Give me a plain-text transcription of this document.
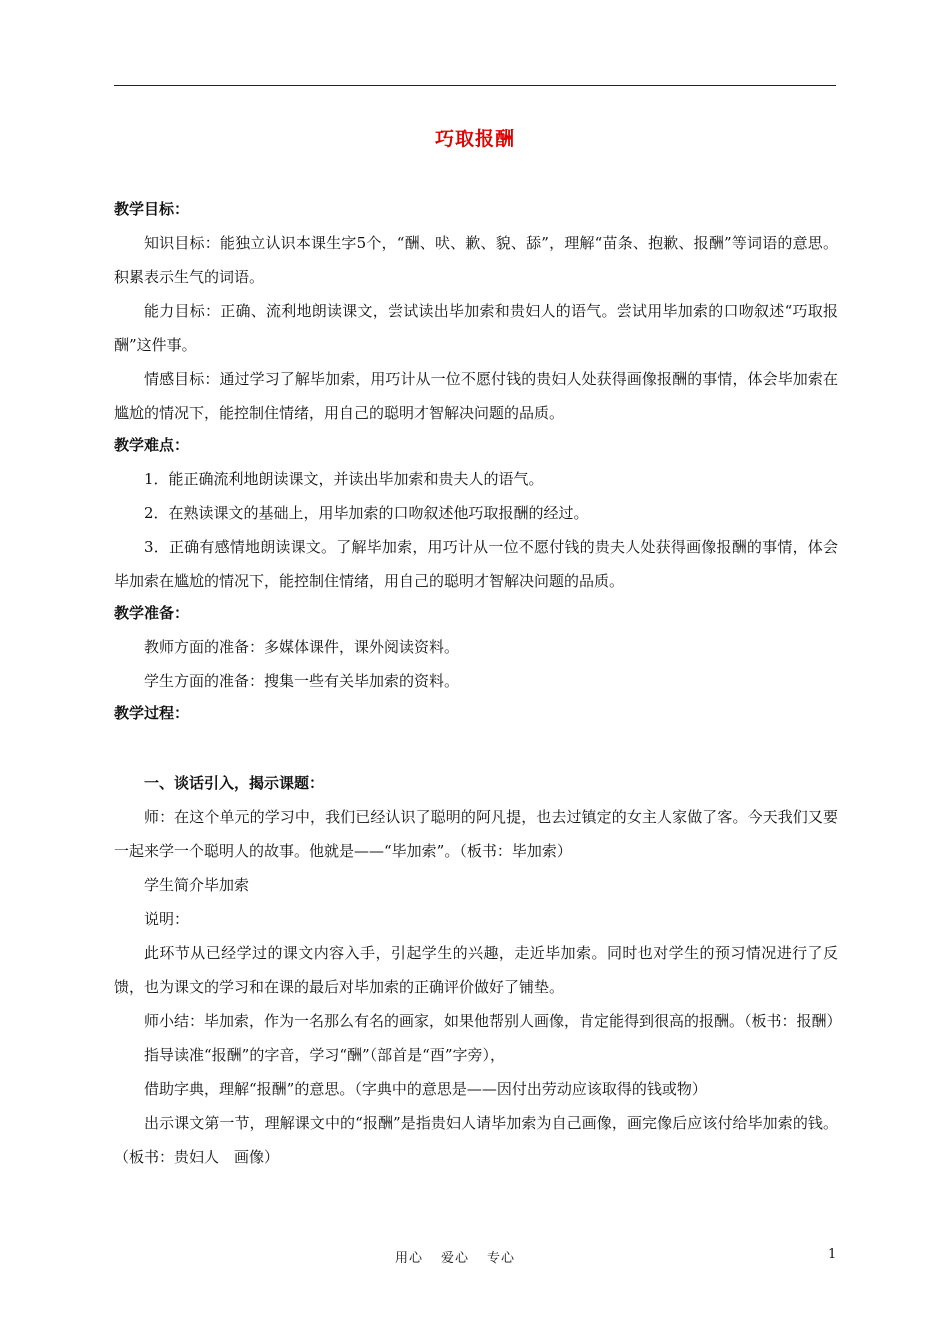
巧取报酬
教学目标：

知识目标：能独立认识本课生字5个，“酬、吠、歉、貌、舔”，理解“苗条、抱歉、报酬”等词语的意思。积累表示生气的词语。

能力目标：正确、流利地朗读课文，尝试读出毕加索和贵妇人的语气。尝试用毕加索的口吻叙述“巧取报酬”这件事。

情感目标：通过学习了解毕加索，用巧计从一位不愿付钱的贵妇人处获得画像报酬的事情，体会毕加索在尴尬的情况下，能控制住情绪，用自己的聪明才智解决问题的品质。

教学难点：

1．能正确流利地朗读课文，并读出毕加索和贵夫人的语气。

2．在熟读课文的基础上，用毕加索的口吻叙述他巧取报酬的经过。

3．正确有感情地朗读课文。了解毕加索，用巧计从一位不愿付钱的贵夫人处获得画像报酬的事情，体会毕加索在尴尬的情况下，能控制住情绪，用自己的聪明才智解决问题的品质。

教学准备：

教师方面的准备：多媒体课件，课外阅读资料。

学生方面的准备：搜集一些有关毕加索的资料。

教学过程：

一、谈话引入，揭示课题：

师：在这个单元的学习中，我们已经认识了聪明的阿凡提，也去过镇定的女主人家做了客。今天我们又要一起来学一个聪明人的故事。他就是——“毕加索”。（板书：毕加索）

学生简介毕加索

说明：

此环节从已经学过的课文内容入手，引起学生的兴趣，走近毕加索。同时也对学生的预习情况进行了反馈，也为课文的学习和在课的最后对毕加索的正确评价做好了铺垫。

师小结：毕加索，作为一名那么有名的画家，如果他帮别人画像，肯定能得到很高的报酬。（板书：报酬）

指导读准“报酬”的字音，学习“酬”（部首是“酉”字旁），

借助字典，理解“报酬”的意思。（字典中的意思是——因付出劳动应该取得的钱或物）

出示课文第一节，理解课文中的“报酬”是指贵妇人请毕加索为自己画像，画完像后应该付给毕加索的钱。（板书：贵妇人　画像）

用心 爱心 专心	1
